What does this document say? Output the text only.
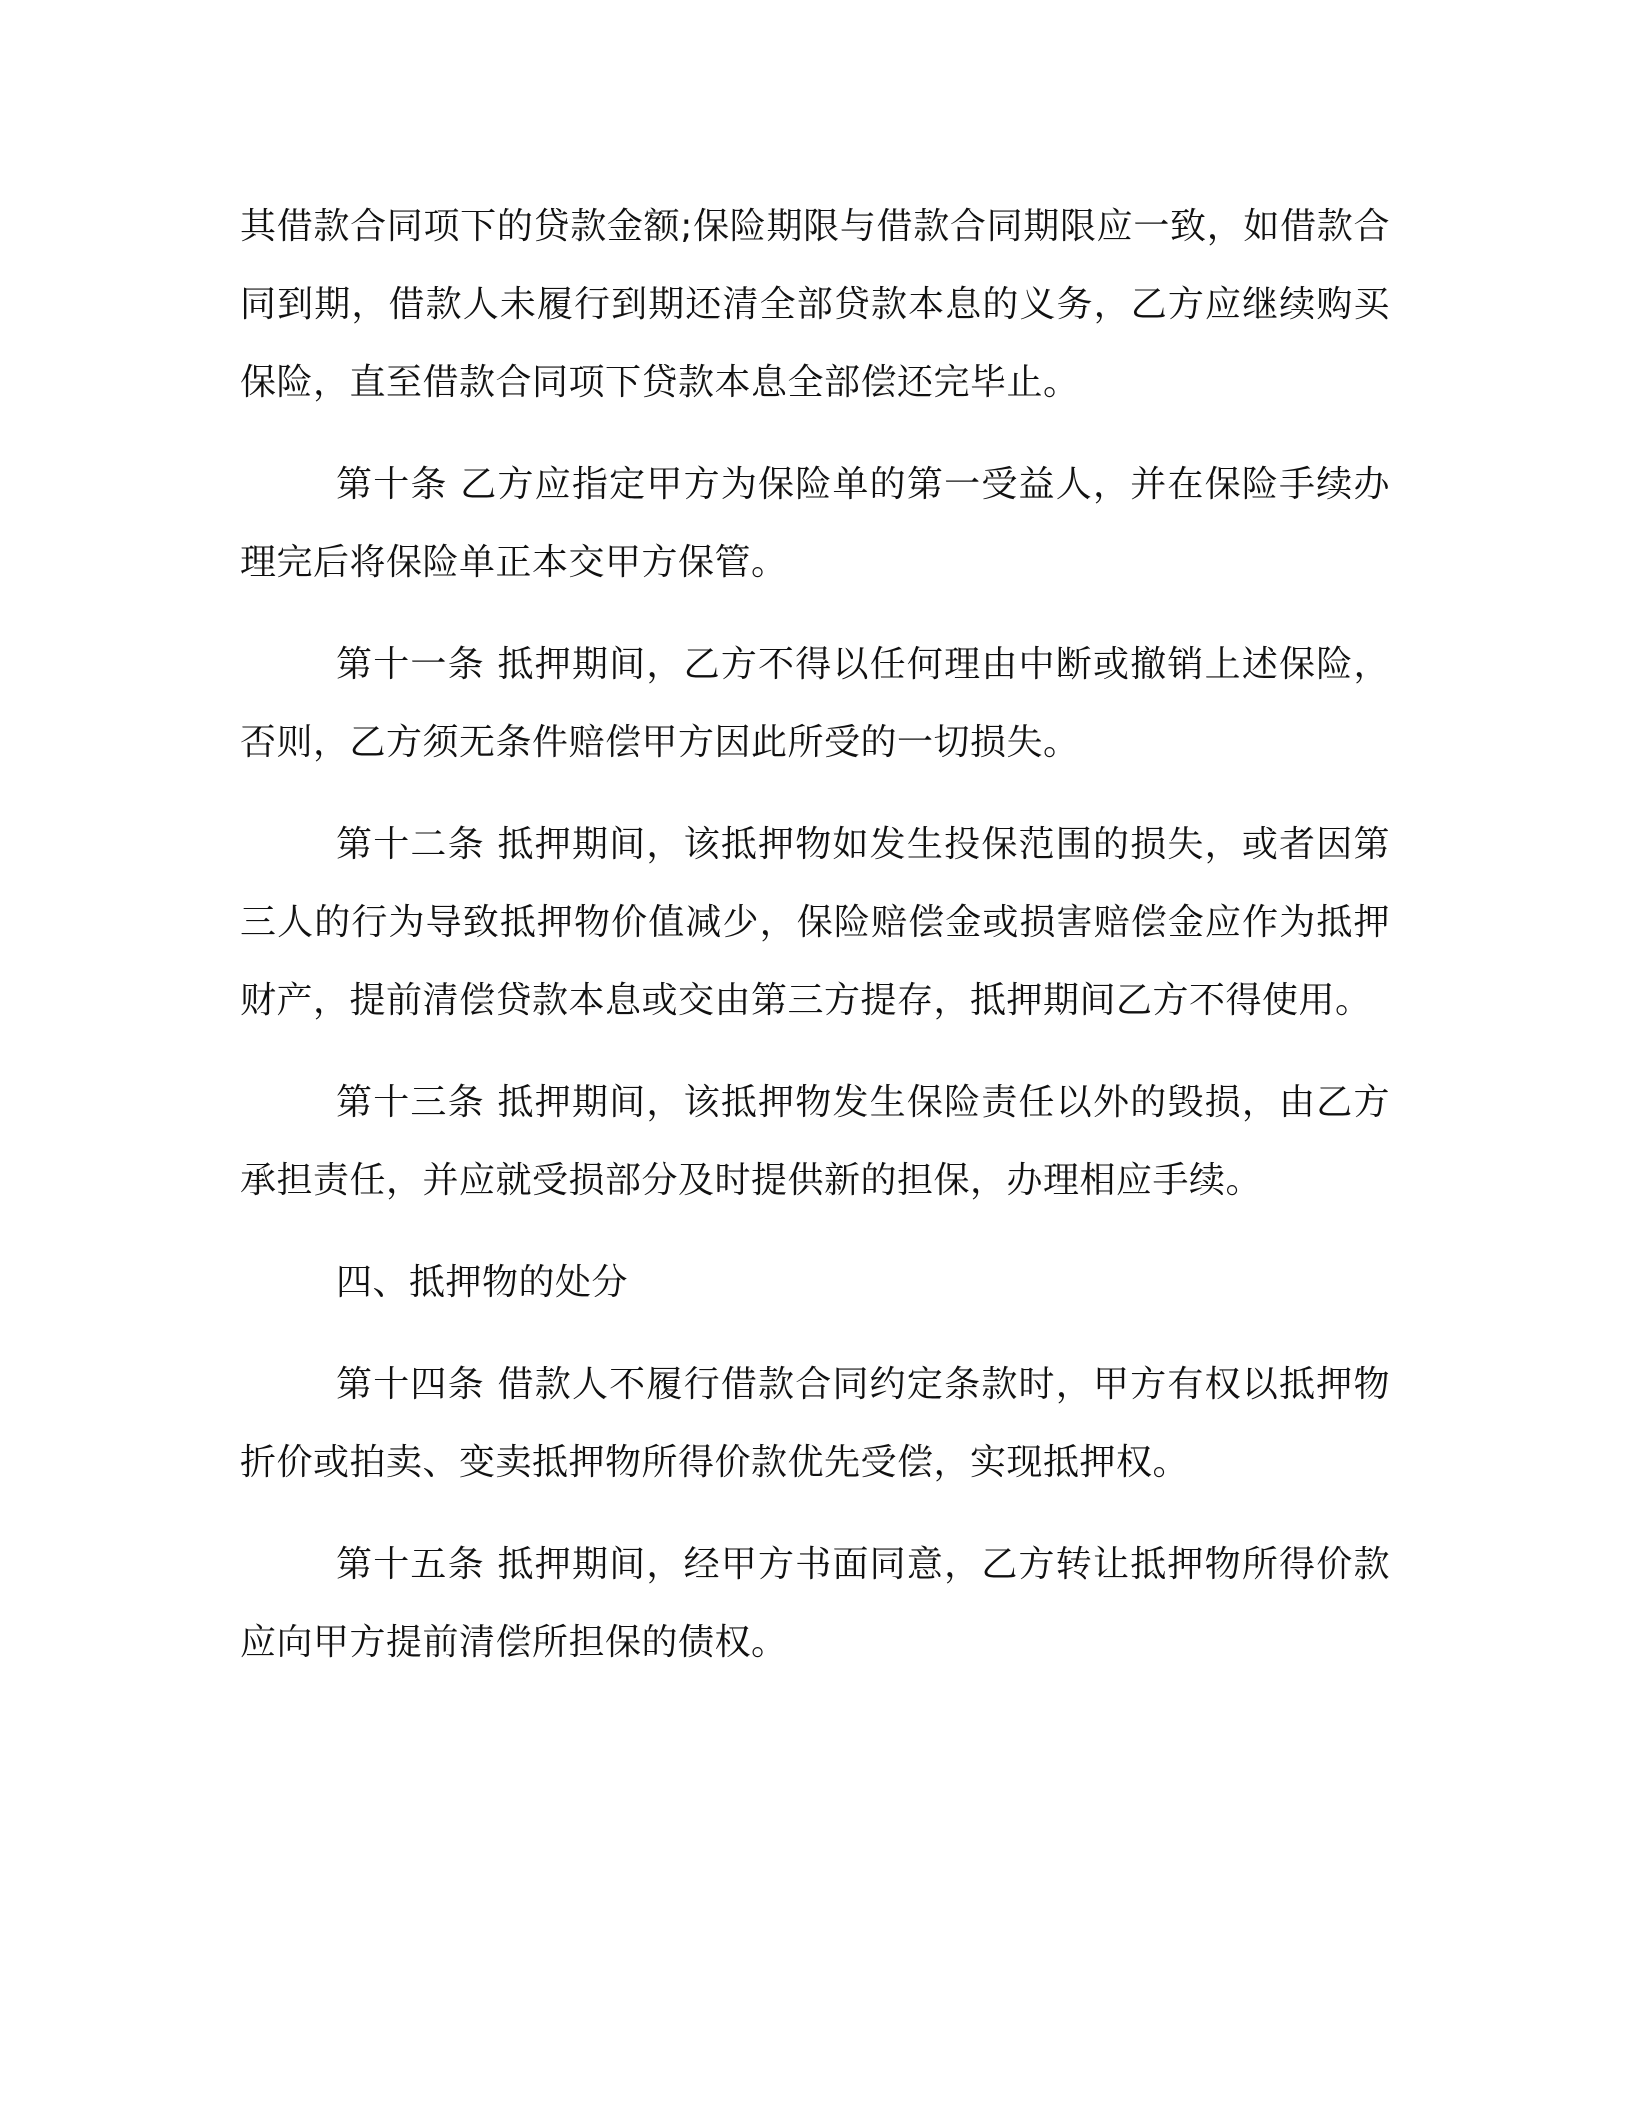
其借款合同项下的贷款金额;保险期限与借款合同期限应一致，如借款合同到期，借款人未履行到期还清全部贷款本息的义务，乙方应继续购买保险，直至借款合同项下贷款本息全部偿还完毕止。

第十条 乙方应指定甲方为保险单的第一受益人，并在保险手续办理完后将保险单正本交甲方保管。

第十一条 抵押期间，乙方不得以任何理由中断或撤销上述保险，否则，乙方须无条件赔偿甲方因此所受的一切损失。

第十二条 抵押期间，该抵押物如发生投保范围的损失，或者因第三人的行为导致抵押物价值减少，保险赔偿金或损害赔偿金应作为抵押财产，提前清偿贷款本息或交由第三方提存，抵押期间乙方不得使用。

第十三条 抵押期间，该抵押物发生保险责任以外的毁损，由乙方承担责任，并应就受损部分及时提供新的担保，办理相应手续。

四、抵押物的处分

第十四条 借款人不履行借款合同约定条款时，甲方有权以抵押物折价或拍卖、变卖抵押物所得价款优先受偿，实现抵押权。

第十五条 抵押期间，经甲方书面同意，乙方转让抵押物所得价款应向甲方提前清偿所担保的债权。
